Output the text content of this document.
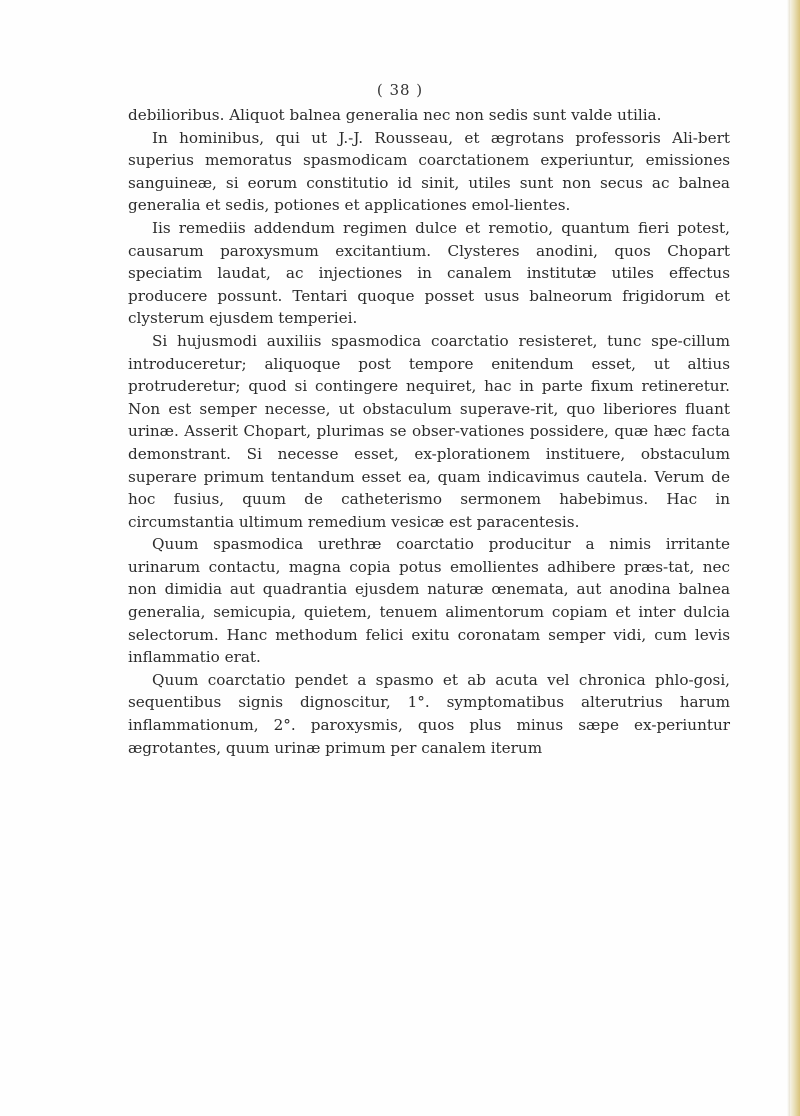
( 38 )

debilioribus. Aliquot balnea generalia nec non sedis sunt valde utilia.

In hominibus, qui ut J.-J. Rousseau, et ægrotans professoris Ali-bert superius memoratus spasmodicam coarctationem experiuntur, emissiones sanguineæ, si eorum constitutio id sinit, utiles sunt non secus ac balnea generalia et sedis, potiones et applicationes emol-lientes.

Iis remediis addendum regimen dulce et remotio, quantum fieri potest, causarum paroxysmum excitantium. Clysteres anodini, quos Chopart speciatim laudat, ac injectiones in canalem institutæ utiles effectus producere possunt. Tentari quoque posset usus balneorum frigidorum et clysterum ejusdem temperiei.

Si hujusmodi auxiliis spasmodica coarctatio resisteret, tunc spe-cillum introduceretur; aliquoque post tempore enitendum esset, ut altius protruderetur; quod si contingere nequiret, hac in parte fixum retineretur. Non est semper necesse, ut obstaculum superave-rit, quo liberiores fluant urinæ. Asserit Chopart, plurimas se obser-vationes possidere, quæ hæc facta demonstrant. Si necesse esset, ex-plorationem instituere, obstaculum superare primum tentandum esset ea, quam indicavimus cautela. Verum de hoc fusius, quum de catheterismo sermonem habebimus. Hac in circumstantia ultimum remedium vesicæ est paracentesis.

Quum spasmodica urethræ coarctatio producitur a nimis irritante urinarum contactu, magna copia potus emollientes adhibere præs-tat, nec non dimidia aut quadrantia ejusdem naturæ œnemata, aut anodina balnea generalia, semicupia, quietem, tenuem alimentorum copiam et inter dulcia selectorum. Hanc methodum felici exitu coronatam semper vidi, cum levis inflammatio erat.

Quum coarctatio pendet a spasmo et ab acuta vel chronica phlo-gosi, sequentibus signis dignoscitur, 1°. symptomatibus alterutrius harum inflammationum, 2°. paroxysmis, quos plus minus sæpe ex-periuntur ægrotantes, quum urinæ primum per canalem iterum
